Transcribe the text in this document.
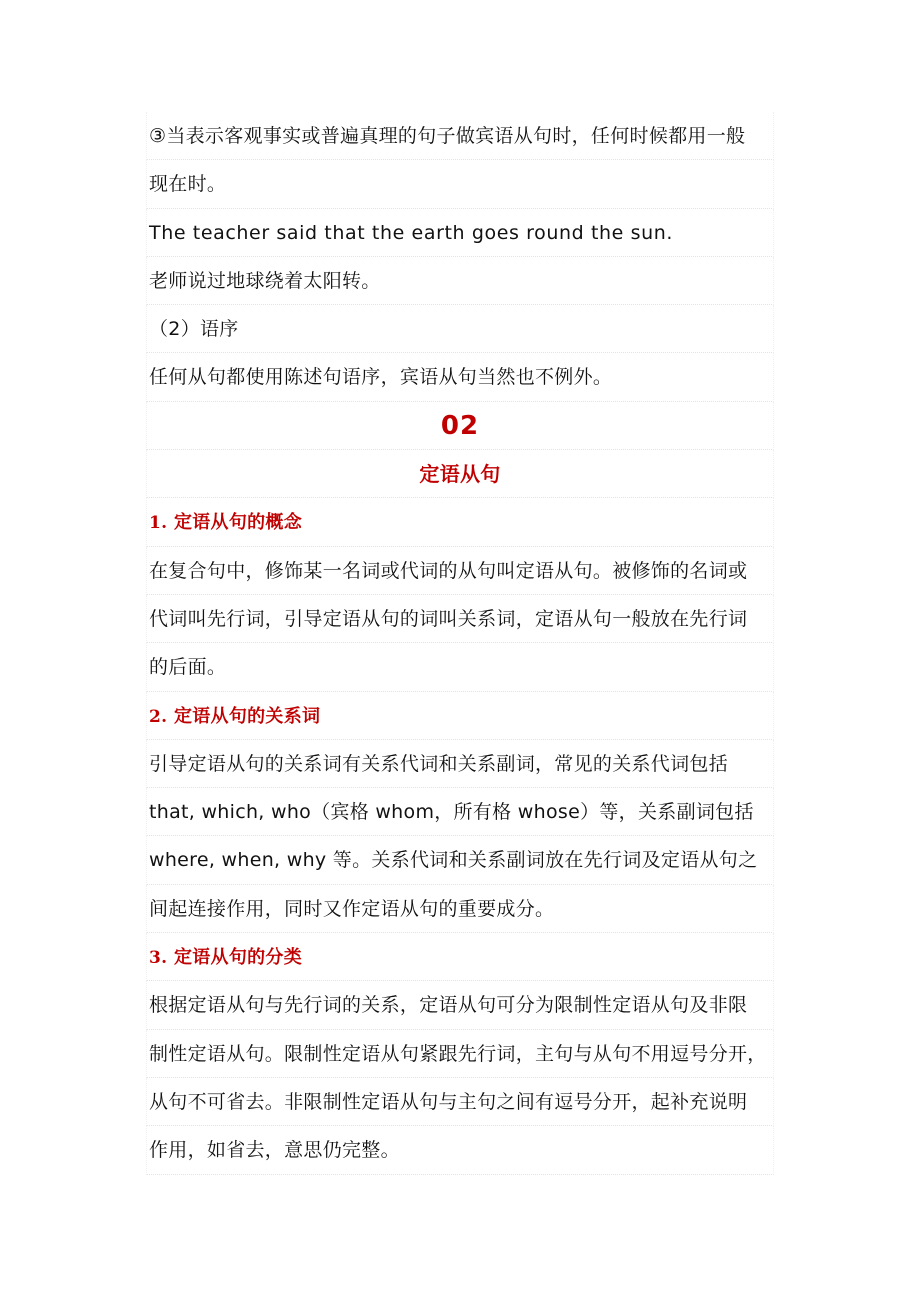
③当表示客观事实或普遍真理的句子做宾语从句时，任何时候都用一般
现在时。
The teacher said that the earth goes round the sun.
老师说过地球绕着太阳转。
（2）语序
任何从句都使用陈述句语序，宾语从句当然也不例外。
02
定语从句
1. 定语从句的概念
在复合句中，修饰某一名词或代词的从句叫定语从句。被修饰的名词或
代词叫先行词，引导定语从句的词叫关系词，定语从句一般放在先行词
的后面。
2. 定语从句的关系词
引导定语从句的关系词有关系代词和关系副词，常见的关系代词包括
that, which, who（宾格 whom，所有格 whose）等，关系副词包括
where, when, why 等。关系代词和关系副词放在先行词及定语从句之
间起连接作用，同时又作定语从句的重要成分。
3. 定语从句的分类
根据定语从句与先行词的关系，定语从句可分为限制性定语从句及非限
制性定语从句。限制性定语从句紧跟先行词，主句与从句不用逗号分开，
从句不可省去。非限制性定语从句与主句之间有逗号分开，起补充说明
作用，如省去，意思仍完整。
